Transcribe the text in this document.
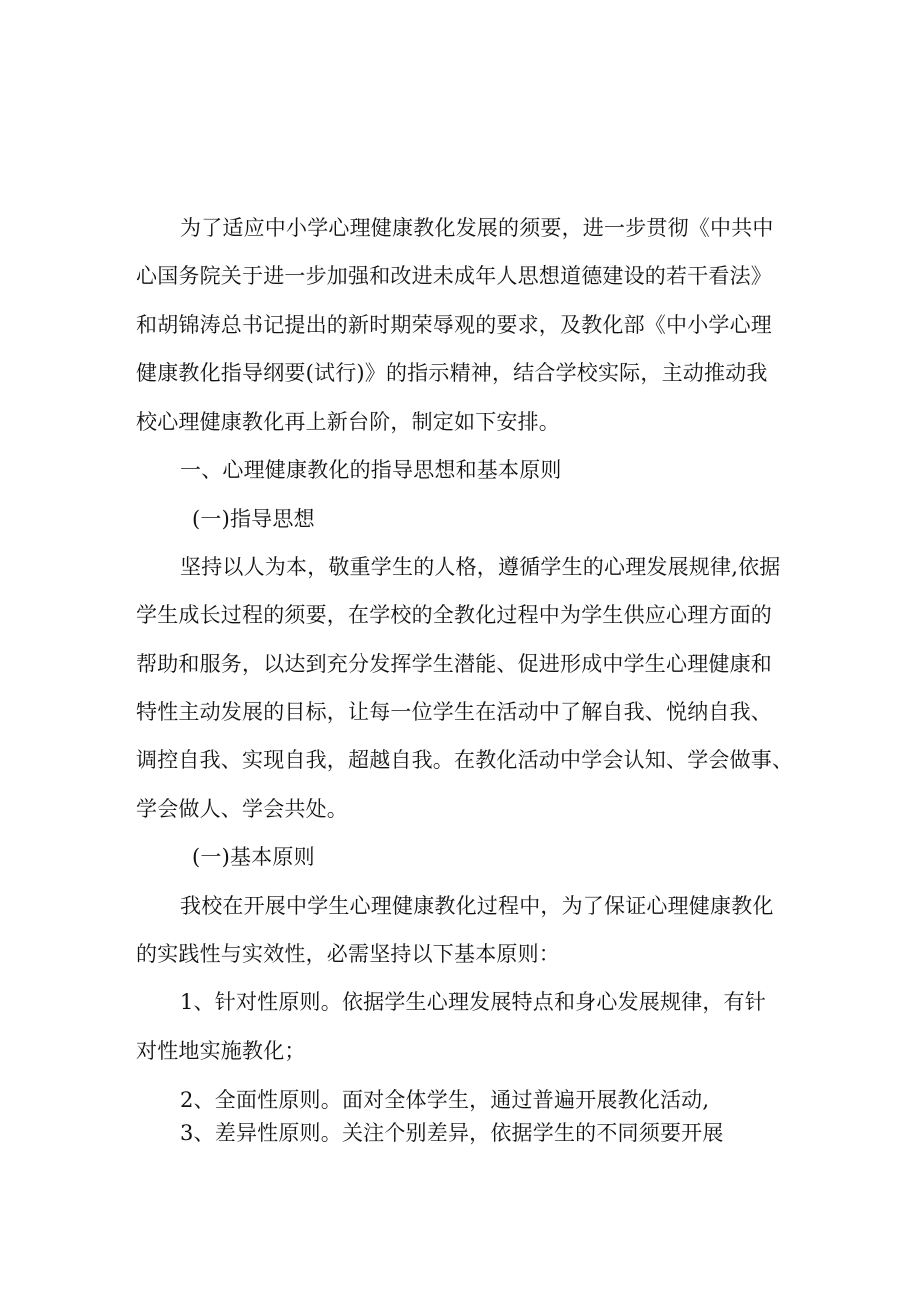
为了适应中小学心理健康教化发展的须要，进一步贯彻《中共中
心国务院关于进一步加强和改进未成年人思想道德建设的若干看法》
和胡锦涛总书记提出的新时期荣辱观的要求，及教化部《中小学心理
健康教化指导纲要(试行)》的指示精神，结合学校实际，主动推动我
校心理健康教化再上新台阶，制定如下安排。
一、心理健康教化的指导思想和基本原则
(一)指导思想
坚持以人为本，敬重学生的人格，遵循学生的心理发展规律,依据
学生成长过程的须要，在学校的全教化过程中为学生供应心理方面的
帮助和服务，以达到充分发挥学生潜能、促进形成中学生心理健康和
特性主动发展的目标，让每一位学生在活动中了解自我、悦纳自我、
调控自我、实现自我，超越自我。在教化活动中学会认知、学会做事、
学会做人、学会共处。
(一)基本原则
我校在开展中学生心理健康教化过程中，为了保证心理健康教化
的实践性与实效性，必需坚持以下基本原则：
1、针对性原则。依据学生心理发展特点和身心发展规律，有针
对性地实施教化；
2、全面性原则。面对全体学生，通过普遍开展教化活动,
3、差异性原则。关注个别差异，依据学生的不同须要开展
